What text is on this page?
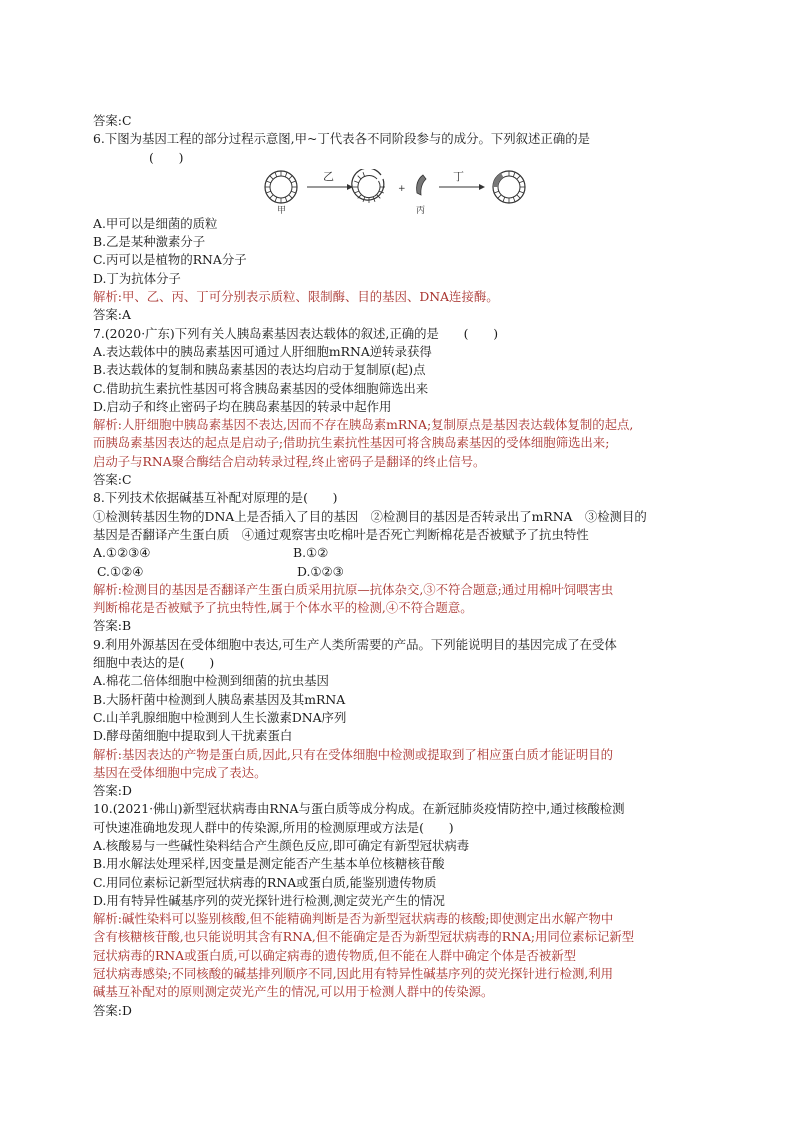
答案:C
6.下图为基因工程的部分过程示意图,甲~丁代表各不同阶段参与的成分。下列叙述正确的是
(　　)
甲
乙
+
丙
丁
A.甲可以是细菌的质粒
B.乙是某种激素分子
C.丙可以是植物的RNA分子
D.丁为抗体分子
解析:甲、乙、丙、丁可分别表示质粒、限制酶、目的基因、DNA连接酶。
答案:A
7.(2020·广东)下列有关人胰岛素基因表达载体的叙述,正确的是　　(　　)
A.表达载体中的胰岛素基因可通过人肝细胞mRNA逆转录获得
B.表达载体的复制和胰岛素基因的表达均启动于复制原(起)点
C.借助抗生素抗性基因可将含胰岛素基因的受体细胞筛选出来
D.启动子和终止密码子均在胰岛素基因的转录中起作用
解析:人肝细胞中胰岛素基因不表达,因而不存在胰岛素mRNA;复制原点是基因表达载体复制的起点,
而胰岛素基因表达的起点是启动子;借助抗生素抗性基因可将含胰岛素基因的受体细胞筛选出来;
启动子与RNA聚合酶结合启动转录过程,终止密码子是翻译的终止信号。
答案:C
8.下列技术依据碱基互补配对原理的是(　　)
①检测转基因生物的DNA上是否插入了目的基因　②检测目的基因是否转录出了mRNA　③检测目的
基因是否翻译产生蛋白质　④通过观察害虫吃棉叶是否死亡判断棉花是否被赋予了抗虫特性
A.①②③④	B.①②
C.①②④	D.①②③
解析:检测目的基因是否翻译产生蛋白质采用抗原—抗体杂交,③不符合题意;通过用棉叶饲喂害虫
判断棉花是否被赋予了抗虫特性,属于个体水平的检测,④不符合题意。
答案:B
9.利用外源基因在受体细胞中表达,可生产人类所需要的产品。下列能说明目的基因完成了在受体
细胞中表达的是(　　)
A.棉花二倍体细胞中检测到细菌的抗虫基因
B.大肠杆菌中检测到人胰岛素基因及其mRNA
C.山羊乳腺细胞中检测到人生长激素DNA序列
D.酵母菌细胞中提取到人干扰素蛋白
解析:基因表达的产物是蛋白质,因此,只有在受体细胞中检测或提取到了相应蛋白质才能证明目的
基因在受体细胞中完成了表达。
答案:D
10.(2021·佛山)新型冠状病毒由RNA与蛋白质等成分构成。在新冠肺炎疫情防控中,通过核酸检测
可快速准确地发现人群中的传染源,所用的检测原理或方法是(　　)
A.核酸易与一些碱性染料结合产生颜色反应,即可确定有新型冠状病毒
B.用水解法处理采样,因变量是测定能否产生基本单位核糖核苷酸
C.用同位素标记新型冠状病毒的RNA或蛋白质,能鉴别遗传物质
D.用有特异性碱基序列的荧光探针进行检测,测定荧光产生的情况
解析:碱性染料可以鉴别核酸,但不能精确判断是否为新型冠状病毒的核酸;即使测定出水解产物中
含有核糖核苷酸,也只能说明其含有RNA,但不能确定是否为新型冠状病毒的RNA;用同位素标记新型
冠状病毒的RNA或蛋白质,可以确定病毒的遗传物质,但不能在人群中确定个体是否被新型
冠状病毒感染;不同核酸的碱基排列顺序不同,因此用有特异性碱基序列的荧光探针进行检测,利用
碱基互补配对的原则测定荧光产生的情况,可以用于检测人群中的传染源。
答案:D
